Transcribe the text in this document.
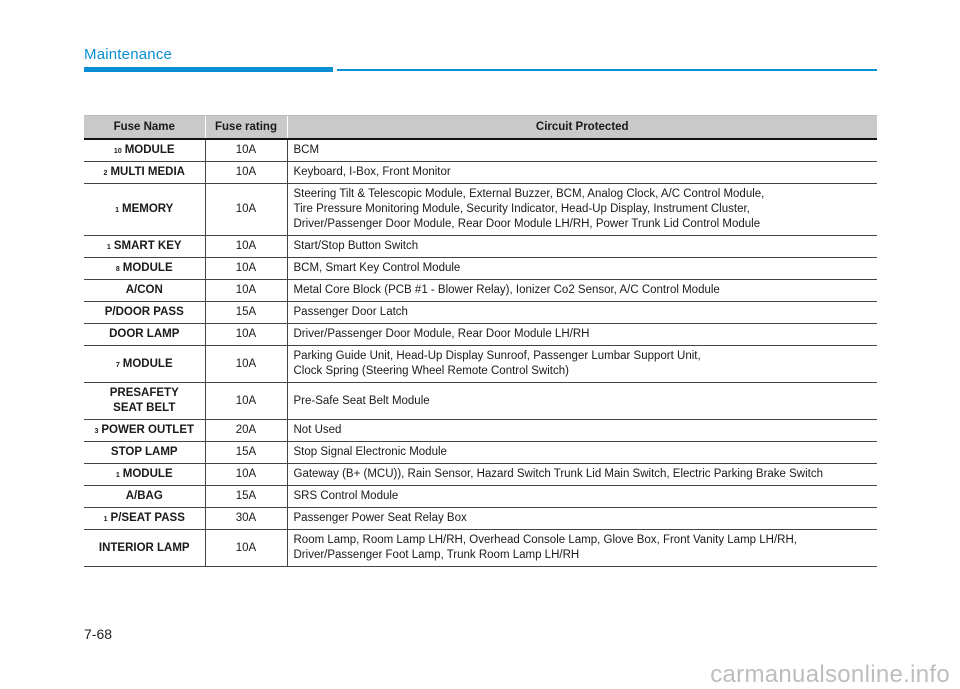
Maintenance
Fuse Name	Fuse rating	Circuit Protected
$^{10}$ MODULE	10A	BCM

$^2$ MULTI MEDIA	10A	Keyboard, I-Box, Front Monitor

$^1$ MEMORY	10A	Steering Tilt & Telescopic Module, External Buzzer, BCM, Analog Clock, A/C Control Module,
Tire Pressure Monitoring Module, Security Indicator, Head-Up Display, Instrument Cluster,
Driver/Passenger Door Module, Rear Door Module LH/RH, Power Trunk Lid Control Module

$^1$ SMART KEY	10A	Start/Stop Button Switch

$^8$ MODULE	10A	BCM, Smart Key Control Module

A/CON	10A	Metal Core Block (PCB #1 - Blower Relay), Ionizer Co2 Sensor, A/C Control Module

P/DOOR PASS	15A	Passenger Door Latch

DOOR LAMP	10A	Driver/Passenger Door Module, Rear Door Module LH/RH

$^7$ MODULE	10A	Parking Guide Unit, Head-Up Display Sunroof, Passenger Lumbar Support Unit,
Clock Spring (Steering Wheel Remote Control Switch)

PRESAFETY
SEAT BELT	10A	Pre-Safe Seat Belt Module

$^3$ POWER OUTLET	20A	Not Used

STOP LAMP	15A	Stop Signal Electronic Module

$^1$ MODULE	10A	Gateway (B+ (MCU)), Rain Sensor, Hazard Switch Trunk Lid Main Switch, Electric Parking Brake Switch

A/BAG	15A	SRS Control Module

$^1$ P/SEAT PASS	30A	Passenger Power Seat Relay Box

INTERIOR LAMP	10A	Room Lamp, Room Lamp LH/RH, Overhead Console Lamp, Glove Box, Front Vanity Lamp LH/RH,
Driver/Passenger Foot Lamp, Trunk Room Lamp LH/RH
7-68
carmanualsonline.info
